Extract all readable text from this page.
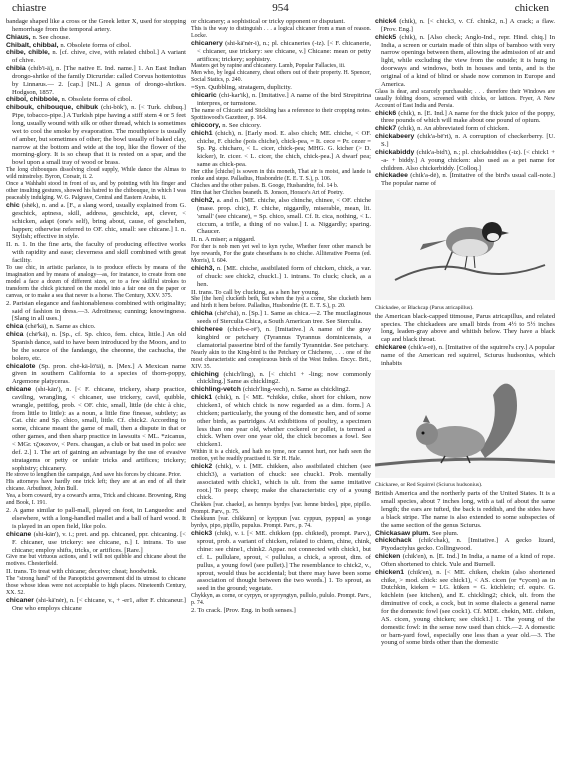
chiastre	954	chicken

bandage shaped like a cross or the Greek letter X, used for stopping hemorrhage from the temporal artery.

Chiaus, n. See chouse.

Chibalt, chibbal, n. Obsolete forms of cibol.

chibe, chible, n. [cf. chive, cive, with related chibol.] A variant of chive.

chibia (chib'i-ä), n. [The native E. Ind. name.] 1. An East Indian drongo-shrike of the family Dicruridæ: called Corvus hottentottus by Linnæus.— 2. [cap.] [NL.] A genus of drongo-shrikes. Hodgson, 1857.

chibol, chibbole, n. Obsolete forms of cibol.

chibouk, chibouque, chibuk (chi-bök'), n. [< Turk. chibuq.] Pipe, tobacco-pipe.] A Turkish pipe having a stiff stem 4 or 5 feet long, usually wound with silk or other thread, which is sometimes wet to cool the smoke by evaporation. The mouthpiece is usually of amber, but sometimes of other; the bowl usually of baked clay, narrow at the bottom and wide at the top, like the flower of the morning-glory. It is so cheap that it is rested on a spar, and the bowl upon a small tray of wood or brass.

The long chibouques dissolving cloud supply, While dance the Almas to wild minstrelsy. Byron, Corsair, ii. 2.

Once a Wahhabi stood in front of us, and by pointing with his finger and other insulting gestures, showed his hatred to the chibouque, in which I was peaceably indulging. W. G. Palgrave, Central and Eastern Arabia, ii.

chic (shēk), n. and a. [F., a slang word, usually explained from G. geschick, aptness, skill, address, geschickt, apt, clever, < schicken, adapt (one's self), bring about, cause, of geschehen, happen; otherwise referred to OF. chic, small: see chicane.] I. n. Stylish; effective in style.

II. n. 1. In the fine arts, the faculty of producing effective works with rapidity and ease; cleverness and skill combined with great facility.

To use chic, in artistic parlance, is to produce effects by means of the imagination and by means of analogy—as, for instance, to create from one model a face a dozen of different sizes, or to a few skillful strokes to transform the chick pictured on the model into a fair one on the paper or canvas, or to make a sea that never is a horse. The Century, XXV. 375.

2. Parisian elegance and fashionableness combined with originality; said of fashion in dress.—3. Adroitness; cunning; knowingness. [Slang in all uses.]

chica (chē'kä), n. Same as chico.

chica (chē'kä), n. [Sp., cf. Sp. chico, fem. chica, little.] An old Spanish dance, said to have been introduced by the Moors, and to be the source of the fandango, the cheonne, the cachucha, the bolero, etc.

chicalote (Sp. pron. chē-kä-lō'tā), n. [Mex.] A Mexican name given in southern California to a species of thorn-poppy, Argemone platyceras.

chicane (shi-kān'), n. [< F. chicane, trickery, sharp practice, caviling, wrangling, < chicaner, use trickery, cavil, quibble, wrangle, pettifog, prob. < OF. chic, small, little (de chic à chic, from little to little): as a noun, a little fine finesse, subtlety; as Cat. chic and Sp. chico, small, little. Cf. chick2. According to some, chicane meant the game of mall, then a dispute in that or other games, and then sharp practice in lawsuits < ML. *zicanus, < MGr. τζυκανον, < Pers. chaugan, a club or bat used in polo: see def. 2.] 1. The art of gaining an advantage by the use of evasive stratagems or petty or unfair tricks and artifices; trickery; sophistry; chicanery.

He strove to lengthen the campaign, And save his forces by chicane. Prior.

His attorneys have hardly one trick left; they are at an end of all their chicane. Arbuthnot, John Bull.

Yea, a born coward, try a coward's arms, Trick and chicane. Browning, Ring and Book, I. 191.

2. A game similar to pall-mall, played on foot, in Languedoc and elsewhere, with a long-handled mallet and a ball of hard wood. It is played in an open field, like polo.

chicane (shi-kān'), v. i.; pret. and pp. chicaned, ppr. chicaning. [< F. chicaner, use trickery: see chicane, n.] I. intrans. To use chicane; employ shifts, tricks, or artifices. [Rare.]

Give me but virtuous actions, and I will not quibble and chicane about the motives. Chesterfield.

II. trans. To treat with chicane; deceive; cheat; hoodwink.

The "strong hand" of the Panopticist government did its utmost to chicane those whose ideas were not acceptable to high places. Nineteenth Century, XX. 52.

chicaner (shi-kā'nėr), n. [< chicane, v., + -er1, after F. chicaneur.] One who employs chicane

or chicanery; a sophistical or tricky opponent or disputant.

This is the way to distinguish . . . a logical chicaner from a man of reason. Locke.

chicanery (shi-kā'nėr-i), n.; pl. chicaneries (-iz). [< F. chicanerie, < chicaner, use trickery: see chicane, v.] Chicane: mean or petty artifices; trickery; sophistry.

Masters get by rapine and chicanery. Lamb, Popular Fallacies, iii.

Men who, by legal chicanery, cheat others out of their property. H. Spencer, Social Statics, p. 240.

=Syn. Quibbling, stratagem, duplicity.

chicaric (chi-kar'ik), n. [Imitative.] A name of the bird Strepitrina interpres, or turnstone.

The name of Chicaric and Stickling has a reference to their cropping notes. Spottiswood's Gazetteer, p. 164.

chiccory, n. See chicory.

chich1 (chich), n. [Early mod. E. also chich; ME. chiche, < OF. chiche, F. chiche (pois chiche), chick-pea, = It. cece = Pr. cezer = Sp. Pg. chicharo, < L. cicer, chick-pea; MHG. G. kicher (> D. kicker), Ir. cicer. < L. cicer, the chich, chick-pea.] A dwarf pea; same as chick-pea.

Her cithe [chiche] is sowen in this moneth, That air is moist, and lande is ronke and stepe. Palladius, Husbondrie (E. E. T. S.), p. 106.

Chiches and the other pulses. B. Googe, Husbandrie, fol. 14 b.

Him that her Chiches beaneth. B. Jonson, Horace's Art of Poetry.

chich2, a. and n. [ME. chiche, also chinche, chinee, < OF. chiche (mase. prop. chic), F. chiche, niggardly, miserable, mean, lit. 'small' (see chicane), = Sp. chico, small. Cf. It. cica, nothing, < L. ciccum, a trifle, a thing of no value.] I. a. Niggardly; sparing. Chaucer.

II. n. A miser; a niggard.

For ther is nob men yet wel to kyn ryche, Whether ferer other marsch be hye rewards, For the grate chesethans is no chiche. Alliterative Poems (ed. Morris), I. 604.

chich3, n. [ME. chiche, assibilated form of chicken, chick, a var. of chuck: see chick2, chuck1.] 1. intrans. To cluck; cluck, as a hen.

II. trans. To call by clucking, as a hen her young.

She [the hen] clucketh beth, but when the iyst a corne, She clucketh hem and hirth it hem before. Palladius, Husbondrie (E. E. T. S.), p. 20.

chicha (chē'chä), n. [Sp.] 1. Same as chica.—2. The mucilaginous seeds of Sterculia Chica, a South American tree. See Sterculia.

chicheree (chich-e-rē'), n. [Imitative.] A name of the gray kingbird or petchary (Tyrannus Tyrannus dominicensis, a clamatorial passerine bird of the family Tyrannidæ. See petchary.

Nearly akin to the King-bird is the Petchary or Chicheree, . . . one of the most characteristic and conspicuous birds of the West Indies. Encyc. Brit., XIV. 35.

chiching (chich'ling), n. [< chich1 + -ling; now commonly chickling.] Same as chickling2.

chichling-vetch (chich'ling-vech), n. Same as chickling2.

chick1 (chik), n. [< ME. *chikke, chike, short for chiken, now chicken1, of which chick is now regarded as a dim. form.] A chicken; particularly, the young of the domestic hen, and of some other birds, as partridges. At exhibitions of poultry, a specimen less than one year old, whether cockerel or pullet, is termed a chick. When over one year old, the chick becomes a fowl. See chicken1.

Within it is a chick, and hath no tyme, nor cannot hurt, nor hath seen the motion, yet he readily practised it. Sir H. Hale.

chick2 (chik), v. i. [ME. chikken, also assibilated chichen (see chich3), a variation of chuck: see chuck1. Prob. mentally associated with chick1, which is ult. from the same imitative root.] To peep; cheep; make the characteristic cry of a young chick.

Chekkes [var. chaeke], as hennys byrdys [var. henne birdes], pipe, pipillo. Prompt. Parv., p. 75.

Chekkunn [var. chikkunn] or kyrppun [var. cyppun, pyppun] as yonge byrdys, pipo, pipillo, pupulus. Prompt. Parv., p. 74.

chick3 (chik), v. i. [< ME. chikken (pp. chikted), prompt. Parv.), sprout, prob. a variant of chicken, related to chiem, chine, chink, chine: see chine1, chink2. Appar. not connected with chick1, but cf. L. pullulare, sprout, < pullulus, a chick, a sprout, dim. of pullus, a young fowl (see pullet).] The resemblance to chick2, v., sprout, would thus be accidental; but there may have been some association of thought between the two words.] 1. To sprout, as seed in the ground; vegetate.

Chykkyn, as corne, or cyrpyn, or spyryngtyn, pullulo, pululo. Prompt. Parv., p. 74.

2. To crack. [Prov. Eng. in both senses.]

chick4 (chik), n. [< chick3, v. Cf. chink2, n.] A crack; a flaw. [Prov. Eng.]

chick5 (chik), n. [Also check; Anglo-Ind., repr. Hind. chiq.] In India, a screen or curtain made of thin slips of bamboo with very narrow openings between them, allowing the admission of air and light, while excluding the view from the outside; it is hung in doorways and windows, both in houses and tents, and is the original of a kind of blind or shade now common in Europe and America.

Glass is dear, and scarcely purchasable; . . . therefore their Windows are usually folding doors, screened with chicks, or lattices. Fryer, A New Account of East India and Persia.

chick6 (chik), n. [E. Ind.] A name for the thick juice of the poppy, three pounds of which will make about one pound of opium.

chick7 (chik), n. An abbreviated form of chicken.

chickabeery (chik'a-bē'ri), n. A corruption of checkerberry. [U. S.]

chickabiddy (chik'a-bid'i), n.; pl. chickabiddies (-iz). [< chick1 + -a- + biddy.] A young chicken: also used as a pet name for children. Also chickerbiddy. [Colloq.]

chickadee (chik'a-dē), n. [Imitative of the bird's usual call-note.] The popular name of

Chickadee, or Blackcap (Parus atricapillus).

the American black-capped titmouse, Parus atricapillus, and related species. The chickadees are small birds from 4½ to 5½ inches long, leaden-gray above and whitish below. They have a black cap and black throat.

chickaree (chik'a-rē), n. [Imitative of the squirrel's cry.] A popular name of the American red squirrel, Sciurus hudsonius, which inhabits

Chickaree, or Red Squirrel (Sciurus hudsonius).

British America and the northerly parts of the United States. It is a small species, about 7 inches long, with a tail of about the same length; the ears are tufted, the back is reddish, and the sides have a black stripe. The name is also extended to some subspecies of the same section of the genus Sciurus.

Chickasaw plum. See plum.

chickchack (chik'chak), n. [Imitative.] A gecko lizard, Ptyodactylus gecko. Collingwood.

chicken (chik'en), n. [E. Ind.] In India, a name of a kind of rope. Often shortened to chick. Yule and Burnell.

chicken1 (chik'en), n. [< ME. chiken, chekin (also shortened chike, > mod. chick: see chick1), < AS. cicen (or *cycen) as in Dutchkin, kieken = LG. küken = G. küchlein; cf. equiv. G. küchlein (see kitchen), and E. chickling2; chick, ult. from the diminutive of cock, a cock, but in some dialects a general name for the domestic fowl (see cock1). Cf. MDE. chekin, ME. chiken, AS. cicen, young chicken; see chick1.] 1. The young of the domestic fowl: in the sense now used than chick.—2. A domestic or barn-yard fowl, especially one less than a year old.—3. The young of some birds other than the domestic
